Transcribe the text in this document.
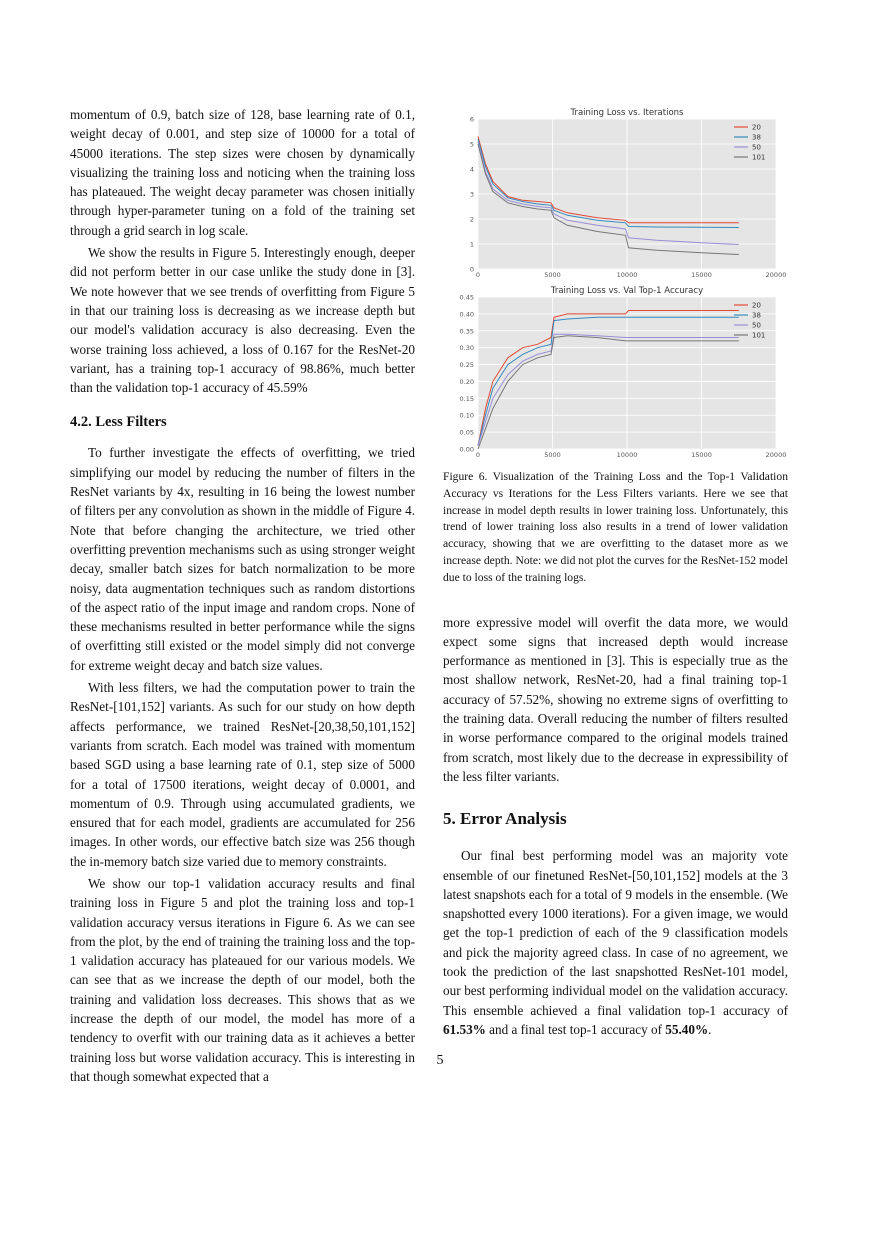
momentum of 0.9, batch size of 128, base learning rate of 0.1, weight decay of 0.001, and step size of 10000 for a total of 45000 iterations. The step sizes were chosen by dynamically visualizing the training loss and noticing when the training loss has plateaued. The weight decay parameter was chosen initially through hyper-parameter tuning on a fold of the training set through a grid search in log scale.

We show the results in Figure 5. Interestingly enough, deeper did not perform better in our case unlike the study done in [3]. We note however that we see trends of overfitting from Figure 5 in that our training loss is decreasing as we increase depth but our model's validation accuracy is also decreasing. Even the worse training loss achieved, a loss of 0.167 for the ResNet-20 variant, has a training top-1 accuracy of 98.86%, much better than the validation top-1 accuracy of 45.59%

4.2. Less Filters

To further investigate the effects of overfitting, we tried simplifying our model by reducing the number of filters in the ResNet variants by 4x, resulting in 16 being the lowest number of filters per any convolution as shown in the middle of Figure 4. Note that before changing the architecture, we tried other overfitting prevention mechanisms such as using stronger weight decay, smaller batch sizes for batch normalization to be more noisy, data augmentation techniques such as random distortions of the aspect ratio of the input image and random crops. None of these mechanisms resulted in better performance while the signs of overfitting still existed or the model simply did not converge for extreme weight decay and batch size values.

With less filters, we had the computation power to train the ResNet-[101,152] variants. As such for our study on how depth affects performance, we trained ResNet-[20,38,50,101,152] variants from scratch. Each model was trained with momentum based SGD using a base learning rate of 0.1, step size of 5000 for a total of 17500 iterations, weight decay of 0.0001, and momentum of 0.9. Through using accumulated gradients, we ensured that for each model, gradients are accumulated for 256 images. In other words, our effective batch size was 256 though the in-memory batch size varied due to memory constraints.

We show our top-1 validation accuracy results and final training loss in Figure 5 and plot the training loss and top-1 validation accuracy versus iterations in Figure 6. As we can see from the plot, by the end of training the training loss and the top-1 validation accuracy has plateaued for our various models. We can see that as we increase the depth of our model, both the training and validation loss decreases. This shows that as we increase the depth of our model, the model has more of a tendency to overfit with our training data as it achieves a better training loss but worse validation accuracy. This is interesting in that though somewhat expected that a

0	5000	10000	15000	20000
0
1
2
3
4
5
6
Training Loss vs. Iterations
20
38
50
101
0	5000	10000	15000	20000
0.00
0.05
0.10
0.15
0.20
0.25
0.30
0.35
0.40
0.45
Training Loss vs. Val Top-1 Accuracy
20
38
50
101
Figure 6. Visualization of the Training Loss and the Top-1 Validation Accuracy vs Iterations for the Less Filters variants. Here we see that increase in model depth results in lower training loss. Unfortunately, this trend of lower training loss also results in a trend of lower validation accuracy, showing that we are overfitting to the dataset more as we increase depth. Note: we did not plot the curves for the ResNet-152 model due to loss of the training logs.

more expressive model will overfit the data more, we would expect some signs that increased depth would increase performance as mentioned in [3]. This is especially true as the most shallow network, ResNet-20, had a final training top-1 accuracy of 57.52%, showing no extreme signs of overfitting to the training data. Overall reducing the number of filters resulted in worse performance compared to the original models trained from scratch, most likely due to the decrease in expressibility of the less filter variants.

5. Error Analysis

Our final best performing model was an majority vote ensemble of our finetuned ResNet-[50,101,152] models at the 3 latest snapshots each for a total of 9 models in the ensemble. (We snapshotted every 1000 iterations). For a given image, we would get the top-1 prediction of each of the 9 classification models and pick the majority agreed class. In case of no agreement, we took the prediction of the last snapshotted ResNet-101 model, our best performing individual model on the validation accuracy. This ensemble achieved a final validation top-1 accuracy of 61.53% and a final test top-1 accuracy of 55.40%.

5
